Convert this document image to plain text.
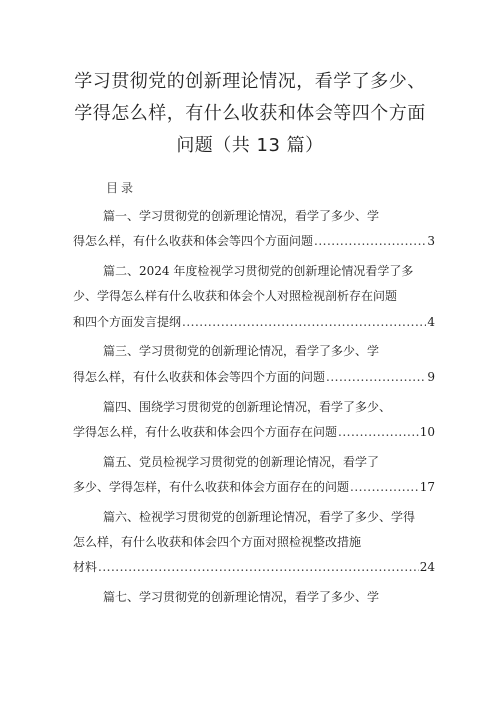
学习贯彻党的创新理论情况，看学了多少、
学得怎么样，有什么收获和体会等四个方面
问题（共 13 篇）
目录
篇一、学习贯彻党的创新理论情况，看学了多少、学
得怎么样，有什么收获和体会等四个方面问题 .....	3
篇二、2024 年度检视学习贯彻党的创新理论情况看学了多
少、学得怎么样有什么收获和体会个人对照检视剖析存在问题
和四个方面发言提纲 .....	4
篇三、学习贯彻党的创新理论情况，看学了多少、学
得怎么样，有什么收获和体会等四个方面的问题 .....	9
篇四、围绕学习贯彻党的创新理论情况，看学了多少、
学得怎么样，有什么收获和体会四个方面存在问题 .....	10
篇五、党员检视学习贯彻党的创新理论情况，看学了
多少、学得怎样，有什么收获和体会方面存在的问题 .....	17
篇六、检视学习贯彻党的创新理论情况，看学了多少、学得
怎么样，有什么收获和体会四个方面对照检视整改措施
材料 .....	24
篇七、学习贯彻党的创新理论情况，看学了多少、学
